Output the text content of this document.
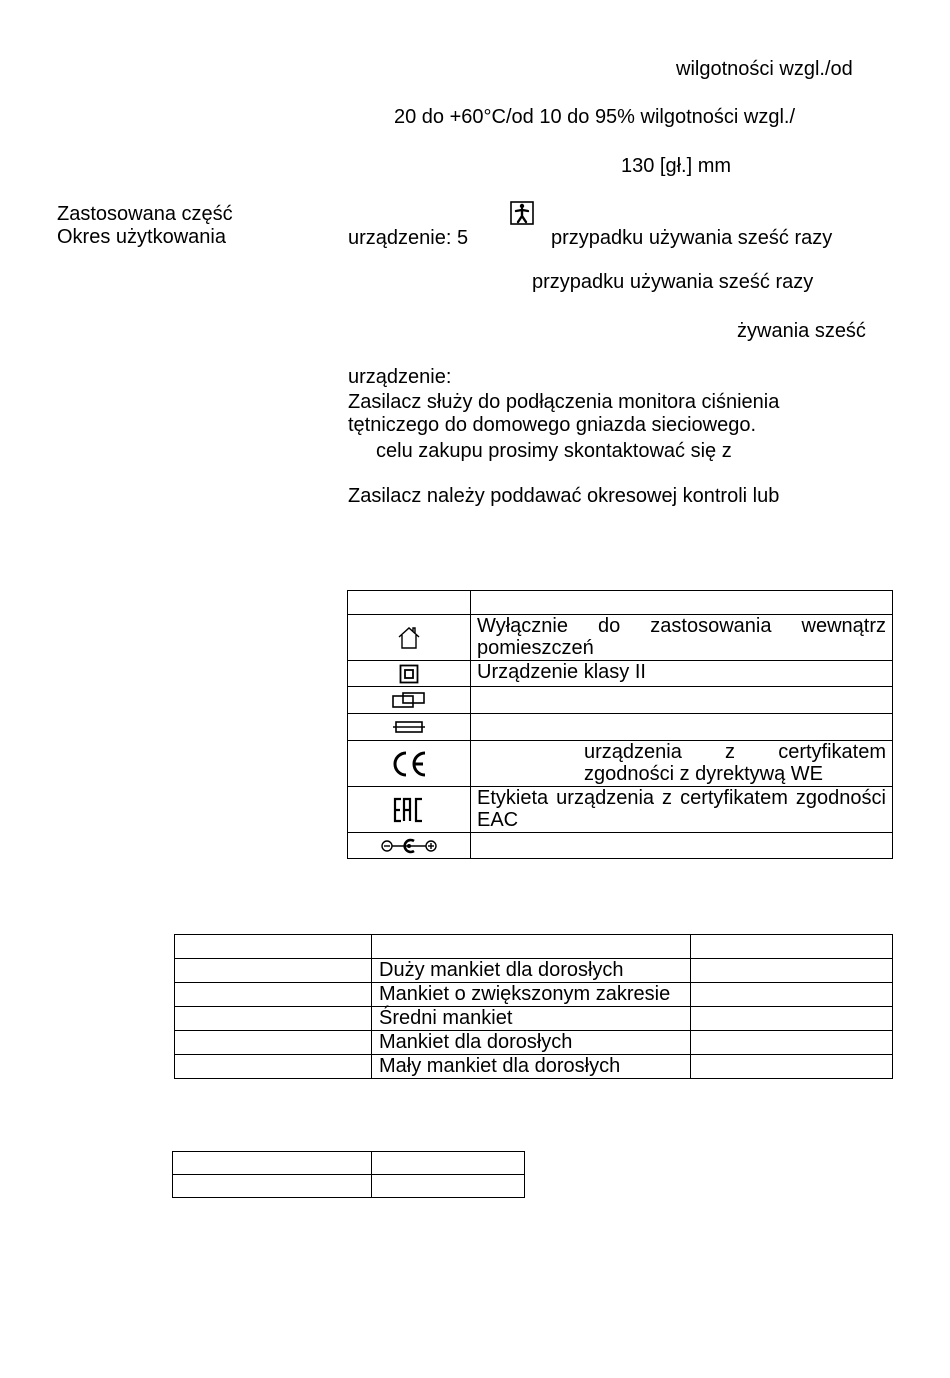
wilgotności wzgl./od
20 do +60°C/od 10 do 95% wilgotności wzgl./
130 [gł.] mm
Zastosowana część
Okres użytkowania	urządzenie: 5	przypadku używania sześć razy
przypadku używania sześć razy
żywania sześć
urządzenie:
Zasilacz służy do podłączenia monitora ciśnienia
tętniczego do domowego gniazda sieciowego.
celu zakupu prosimy skontaktować się z
Zasilacz należy poddawać okresowej kontroli lub

	Wyłącznie do zastosowania wewnątrz pomieszczeń

	Urządzenie klasy II

urządzenia z certyfikatem zgodności z dyrektywą WE

	Etykieta urządzenia z certyfikatem zgodności EAC

	Duży mankiet dla dorosłych	
	Mankiet o zwiększonym zakresie	
	Średni mankiet	
	Mankiet dla dorosłych	
	Mały mankiet dla dorosłych	
